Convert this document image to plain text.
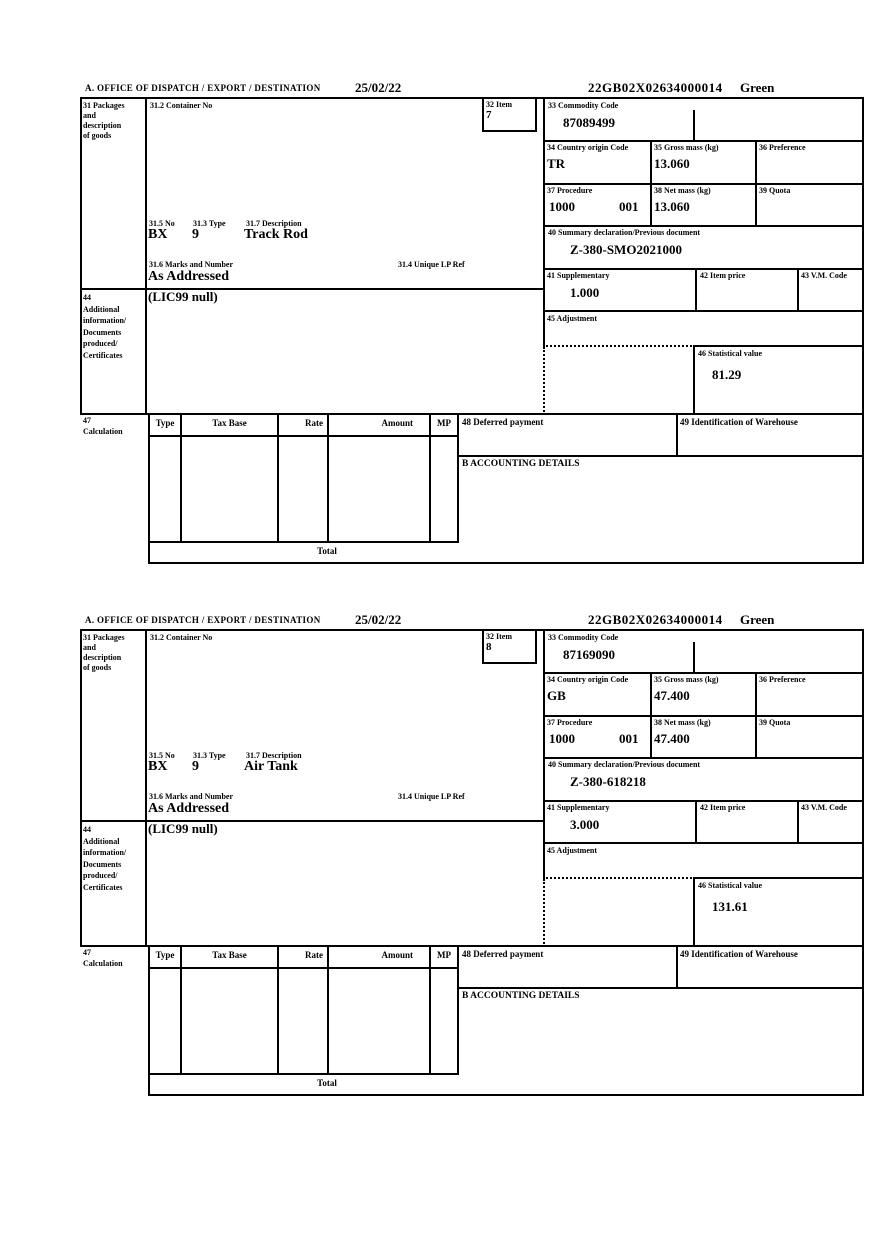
A. OFFICE OF DISPATCH / EXPORT / DESTINATION	25/02/22	22GB02X02634000014 Green
31 Packages
and
description
of goods
31.2 Container No	32 Item
7
33 Commodity Code
87089499
34 Country origin Code
TR
35 Gross mass (kg)
13.060
36 Preference
37 Procedure
1000	001
38 Net mass (kg)
13.060
39 Quota
31.5 No 31.3 Type	31.7 Description
BX 9	Track Rod
31.6 Marks and Number	31.4 Unique LP Ref
As Addressed
40 Summary declaration/Previous document
Z-380-SMO2021000
41 Supplementary
1.000
42 Item price	43 V.M. Code
45 Adjustment
46 Statistical value
81.29
44
Additional
information/
Documents
produced/
Certificates
(LIC99 null)
47
Calculation
Type	Tax Base	Rate	Amount	MP	48 Deferred payment	49 Identification of Warehouse
B ACCOUNTING DETAILS
Total
A. OFFICE OF DISPATCH / EXPORT / DESTINATION	25/02/22	22GB02X02634000014 Green
31 Packages
and
description
of goods
31.2 Container No	32 Item
8
33 Commodity Code
87169090
34 Country origin Code
GB
35 Gross mass (kg)
47.400
36 Preference
37 Procedure
1000	001
38 Net mass (kg)
47.400
39 Quota
31.5 No 31.3 Type	31.7 Description
BX 9	Air Tank
31.6 Marks and Number	31.4 Unique LP Ref
As Addressed
40 Summary declaration/Previous document
Z-380-618218
41 Supplementary
3.000
42 Item price	43 V.M. Code
45 Adjustment
46 Statistical value
131.61
44
Additional
information/
Documents
produced/
Certificates
(LIC99 null)
47
Calculation
Type	Tax Base	Rate	Amount	MP	48 Deferred payment	49 Identification of Warehouse
B ACCOUNTING DETAILS
Total
